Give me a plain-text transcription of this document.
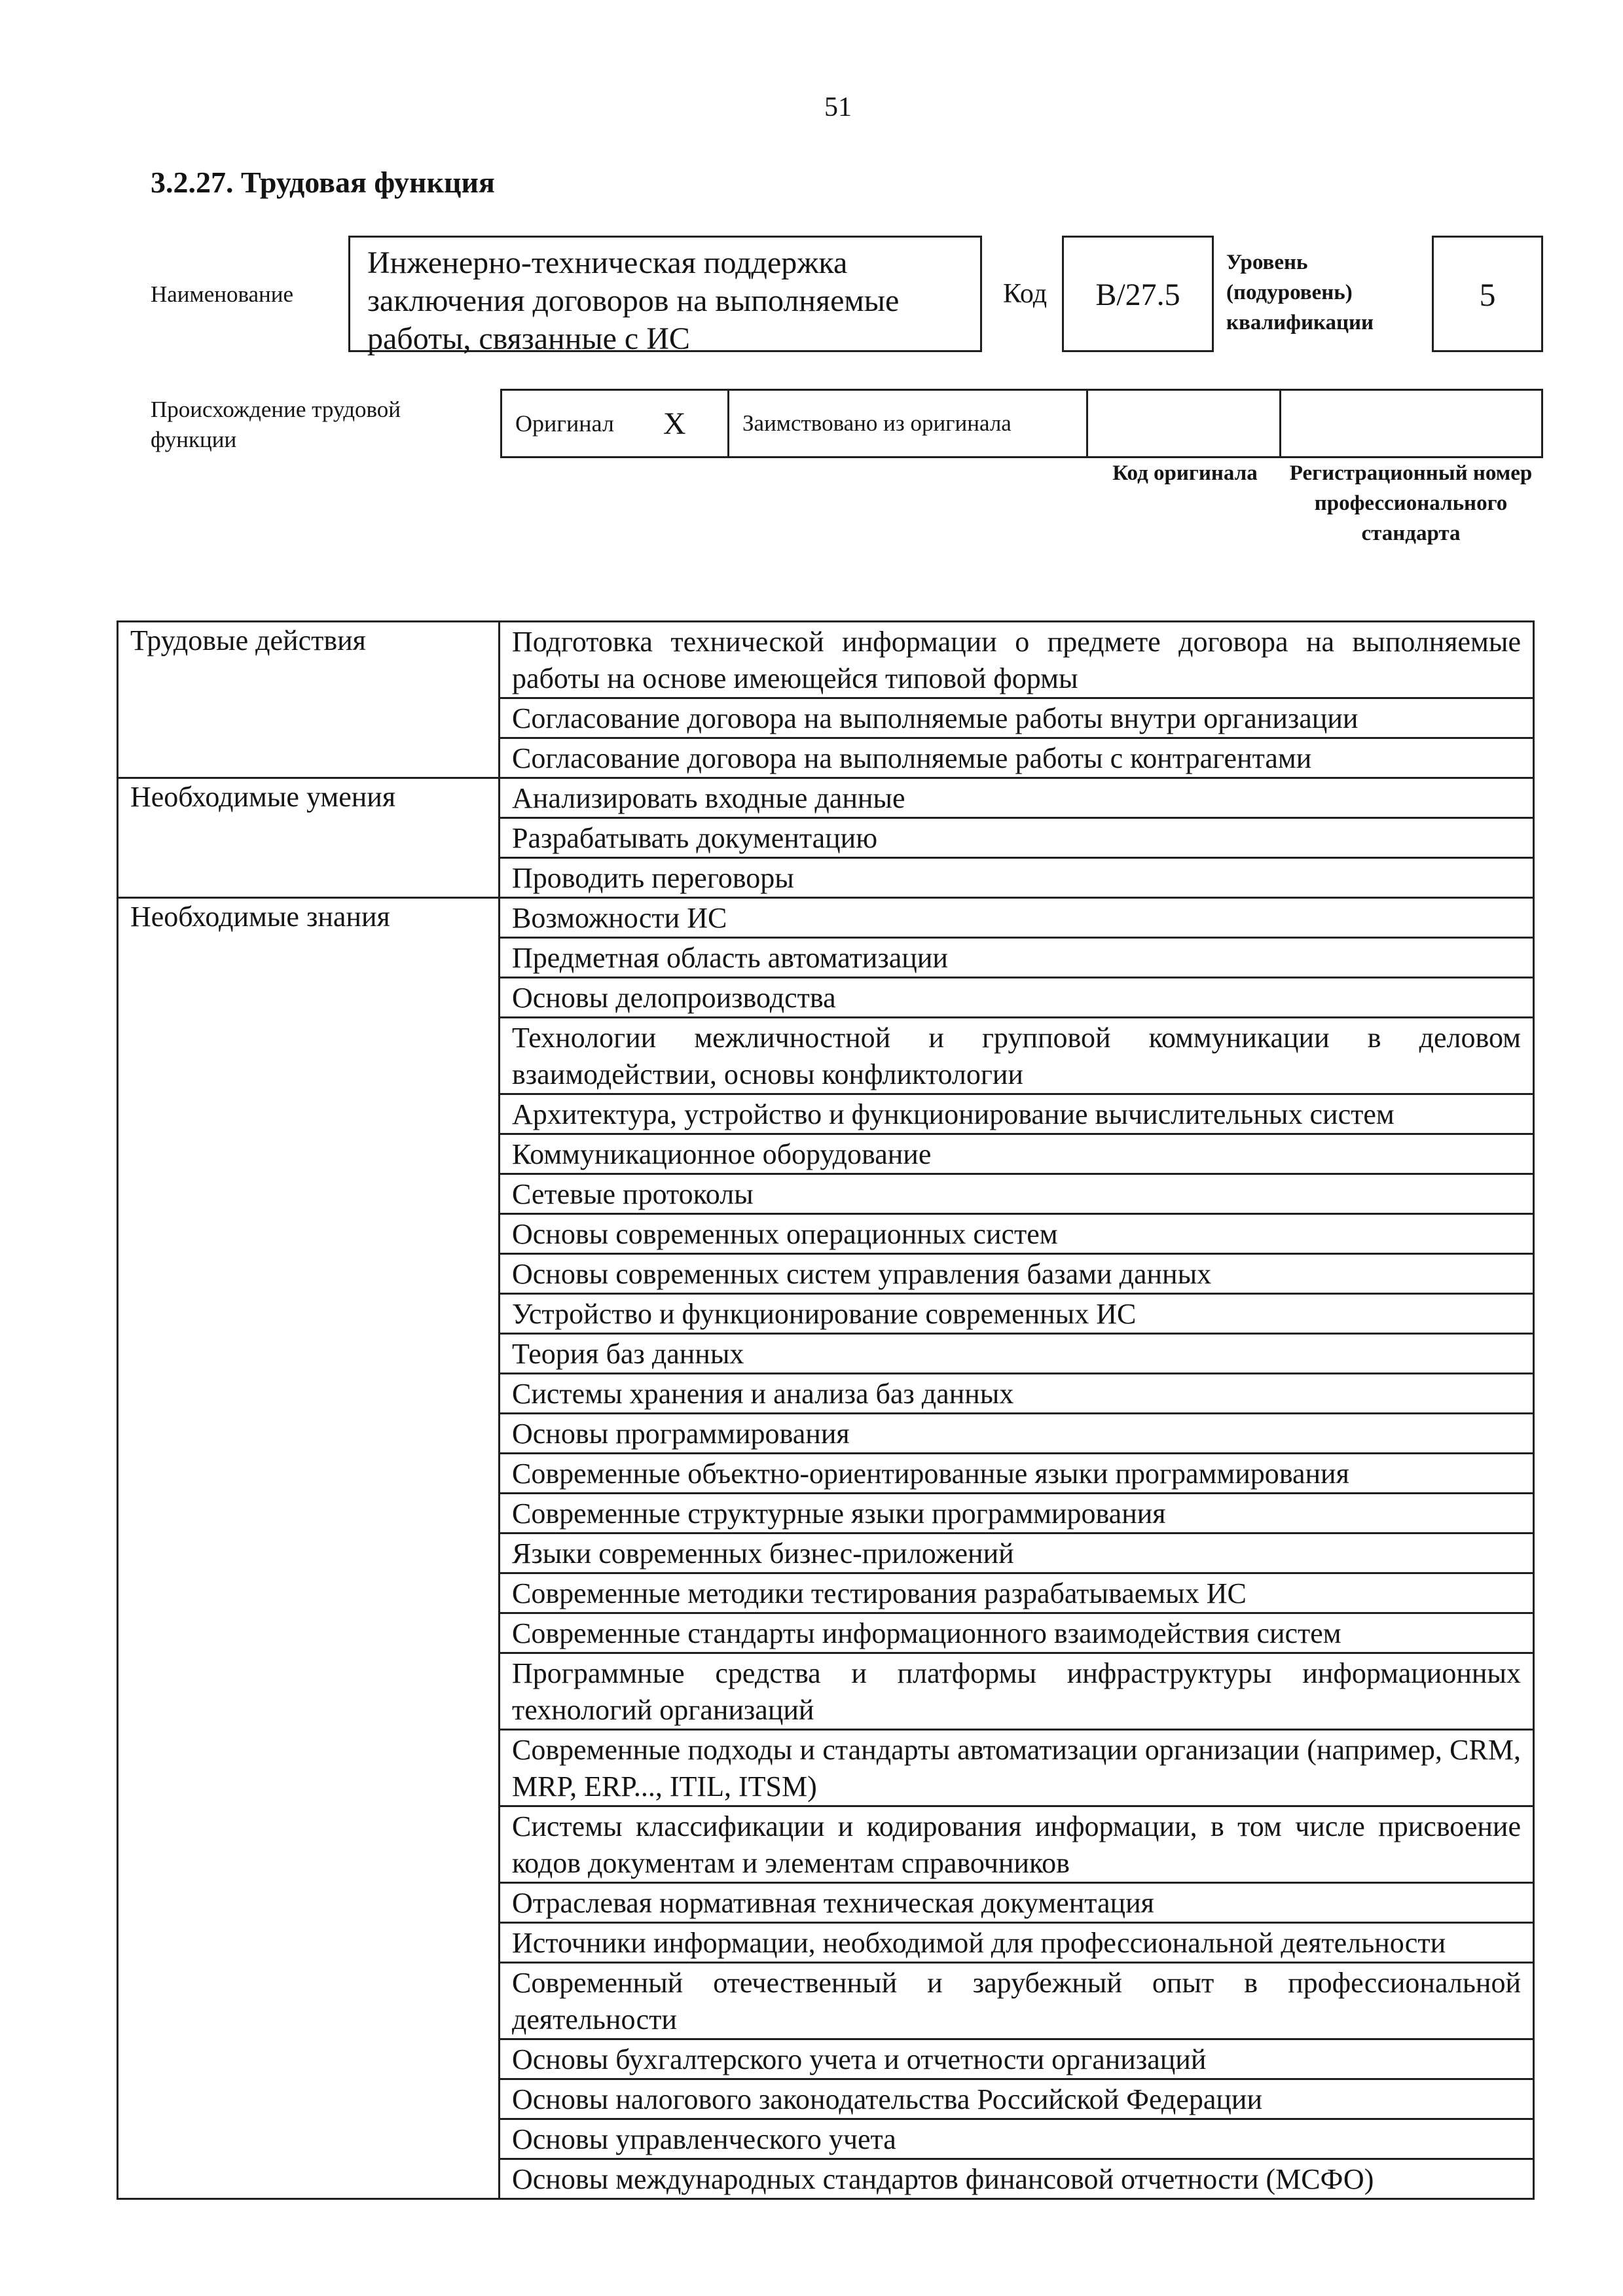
51
3.2.27. Трудовая функция
Наименование
Инженерно-техническая поддержка заключения договоров на выполняемые работы, связанные с ИС
Код	B/27.5
Уровень (подуровень) квалификации
5
Происхождение трудовой функции
Оригинал X Заимствовано из оригинала
Код оригинала	Регистрационный номер профессионального стандарта
Трудовые действия	Подготовка технической информации о предмете договора на выполняемые работы на основе имеющейся типовой формы
	Согласование договора на выполняемые работы внутри организации
	Согласование договора на выполняемые работы с контрагентами
Необходимые умения	Анализировать входные данные
	Разрабатывать документацию
	Проводить переговоры
Необходимые знания	Возможности ИС
	Предметная область автоматизации
	Основы делопроизводства
	Технологии межличностной и групповой коммуникации в деловом взаимодействии, основы конфликтологии
	Архитектура, устройство и функционирование вычислительных систем
	Коммуникационное оборудование
	Сетевые протоколы
	Основы современных операционных систем
	Основы современных систем управления базами данных
	Устройство и функционирование современных ИС
	Теория баз данных
	Системы хранения и анализа баз данных
	Основы программирования
	Современные объектно-ориентированные языки программирования
	Современные структурные языки программирования
	Языки современных бизнес-приложений
	Современные методики тестирования разрабатываемых ИС
	Современные стандарты информационного взаимодействия систем
	Программные средства и платформы инфраструктуры информационных технологий организаций
	Современные подходы и стандарты автоматизации организации (например, CRM, MRP, ERP..., ITIL, ITSM)
	Системы классификации и кодирования информации, в том числе присвоение кодов документам и элементам справочников
	Отраслевая нормативная техническая документация
	Источники информации, необходимой для профессиональной деятельности
	Современный отечественный и зарубежный опыт в профессиональной деятельности
	Основы бухгалтерского учета и отчетности организаций
	Основы налогового законодательства Российской Федерации
	Основы управленческого учета
	Основы международных стандартов финансовой отчетности (МСФО)
